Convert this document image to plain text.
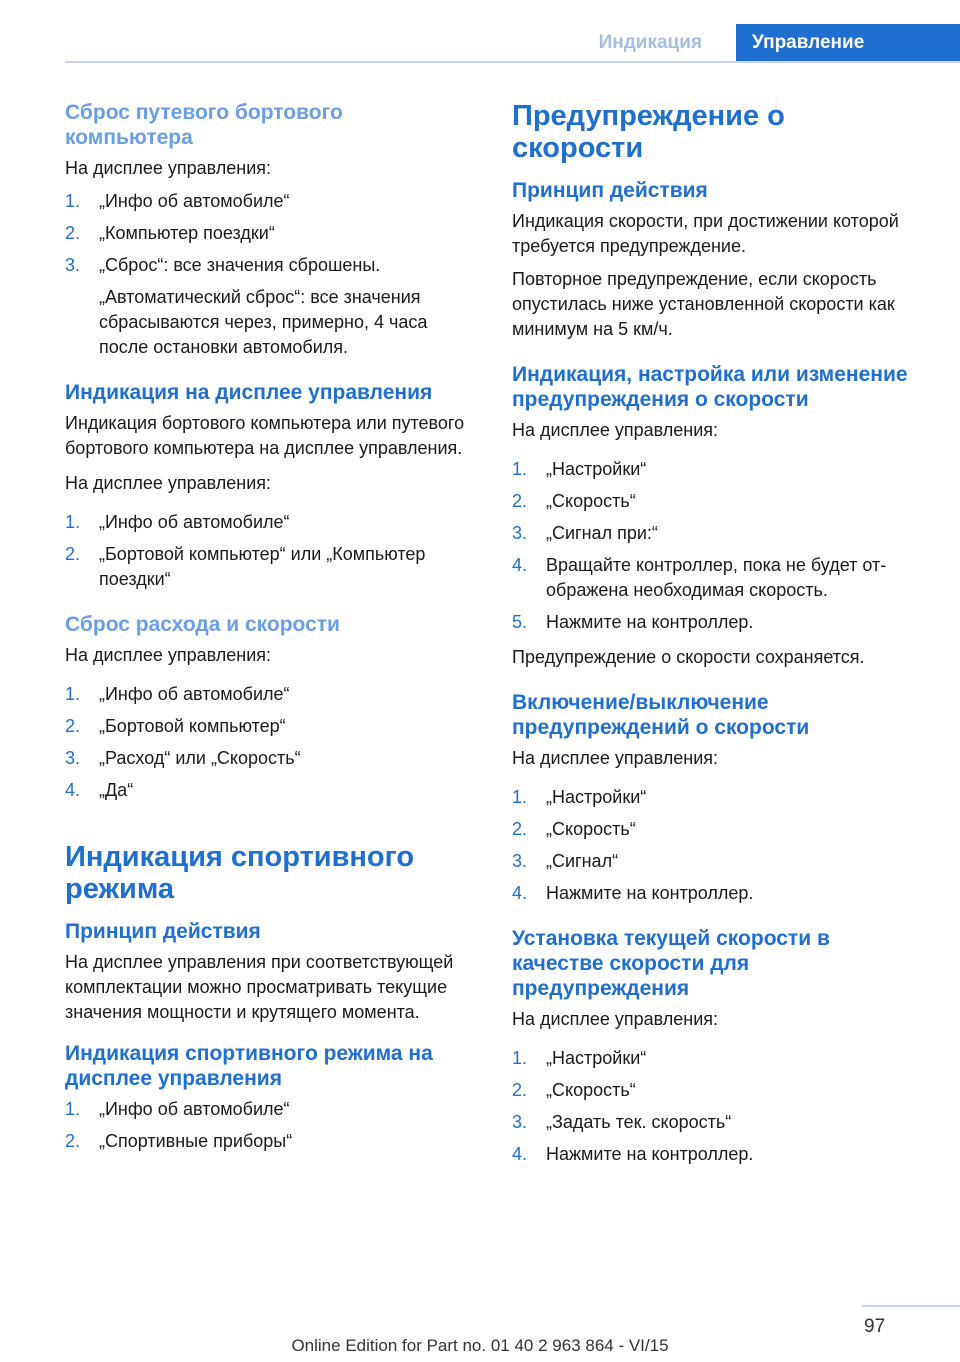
Индикация	Управление
Сброс путевого бортового компьютера

На дисплее управления:

1. „Инфо об автомобиле“
2. „Компьютер поездки“
3. „Сброс“: все значения сброшены.
„Автоматический сброс“: все значения сбрасываются через, примерно, 4 часа после остановки автомобиля.
Индикация на дисплее управления

Индикация бортового компьютера или путевого бортового компьютера на дисплее управления.

На дисплее управления:

1. „Инфо об автомобиле“
2. „Бортовой компьютер“ или „Компьютер поездки“
Сброс расхода и скорости

На дисплее управления:

1. „Инфо об автомобиле“
2. „Бортовой компьютер“
3. „Расход“ или „Скорость“
4. „Да“
Индикация спортивного режима
Принцип действия

На дисплее управления при соответствующей комплектации можно просматривать текущие значения мощности и крутящего момента.

Индикация спортивного режима на дисплее управления
1. „Инфо об автомобиле“
2. „Спортивные приборы“
Предупреждение о скорости
Принцип действия

Индикация скорости, при достижении которой требуется предупреждение.

Повторное предупреждение, если скорость опустилась ниже установленной скорости как минимум на 5 км/ч.

Индикация, настройка или изменение предупреждения о скорости

На дисплее управления:

1. „Настройки“
2. „Скорость“
3. „Сигнал при:“
4. Вращайте контроллер, пока не будет отображена необходимая скорость.
5. Нажмите на контроллер.

Предупреждение о скорости сохраняется.

Включение/выключение предупреждений о скорости

На дисплее управления:

1. „Настройки“
2. „Скорость“
3. „Сигнал“
4. Нажмите на контроллер.
Установка текущей скорости в качестве скорости для предупреждения

На дисплее управления:

1. „Настройки“
2. „Скорость“
3. „Задать тек. скорость“
4. Нажмите на контроллер.
97
Online Edition for Part no. 01 40 2 963 864 - VI/15
